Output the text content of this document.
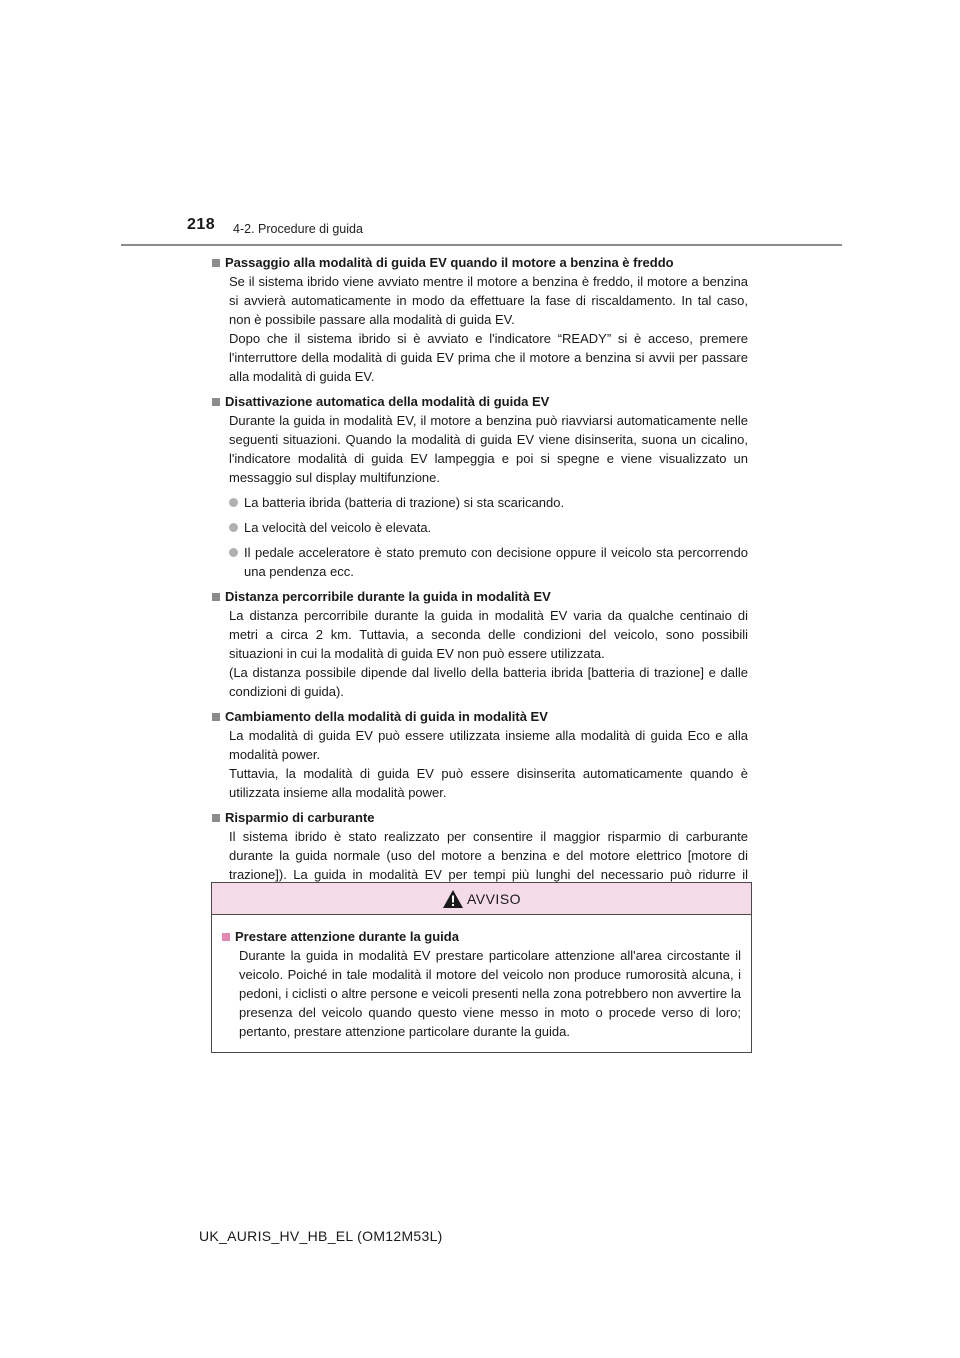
218 4-2. Procedure di guida
Passaggio alla modalità di guida EV quando il motore a benzina è freddo
Se il sistema ibrido viene avviato mentre il motore a benzina è freddo, il motore a benzina si avvierà automaticamente in modo da effettuare la fase di riscaldamento. In tal caso, non è possibile passare alla modalità di guida EV.
Dopo che il sistema ibrido si è avviato e l'indicatore “READY” si è acceso, premere l'interruttore della modalità di guida EV prima che il motore a benzina si avvii per passare alla modalità di guida EV.
Disattivazione automatica della modalità di guida EV
Durante la guida in modalità EV, il motore a benzina può riavviarsi automaticamente nelle seguenti situazioni. Quando la modalità di guida EV viene disinserita, suona un cicalino, l'indicatore modalità di guida EV lampeggia e poi si spegne e viene visualizzato un messaggio sul display multifunzione.
La batteria ibrida (batteria di trazione) si sta scaricando.
La velocità del veicolo è elevata.
Il pedale acceleratore è stato premuto con decisione oppure il veicolo sta percorrendo una pendenza ecc.
Distanza percorribile durante la guida in modalità EV
La distanza percorribile durante la guida in modalità EV varia da qualche centinaio di metri a circa 2 km. Tuttavia, a seconda delle condizioni del veicolo, sono possibili situazioni in cui la modalità di guida EV non può essere utilizzata.
(La distanza possibile dipende dal livello della batteria ibrida [batteria di trazione] e dalle condizioni di guida).
Cambiamento della modalità di guida in modalità EV
La modalità di guida EV può essere utilizzata insieme alla modalità di guida Eco e alla modalità power.
Tuttavia, la modalità di guida EV può essere disinserita automaticamente quando è utilizzata insieme alla modalità power.
Risparmio di carburante
Il sistema ibrido è stato realizzato per consentire il maggior risparmio di carburante durante la guida normale (uso del motore a benzina e del motore elettrico [motore di trazione]). La guida in modalità EV per tempi più lunghi del necessario può ridurre il
AVVISO
Prestare attenzione durante la guida
Durante la guida in modalità EV prestare particolare attenzione all'area circostante il veicolo. Poiché in tale modalità il motore del veicolo non produce rumorosità alcuna, i pedoni, i ciclisti o altre persone e veicoli presenti nella zona potrebbero non avvertire la presenza del veicolo quando questo viene messo in moto o procede verso di loro; pertanto, prestare attenzione particolare durante la guida.
UK_AURIS_HV_HB_EL (OM12M53L)
